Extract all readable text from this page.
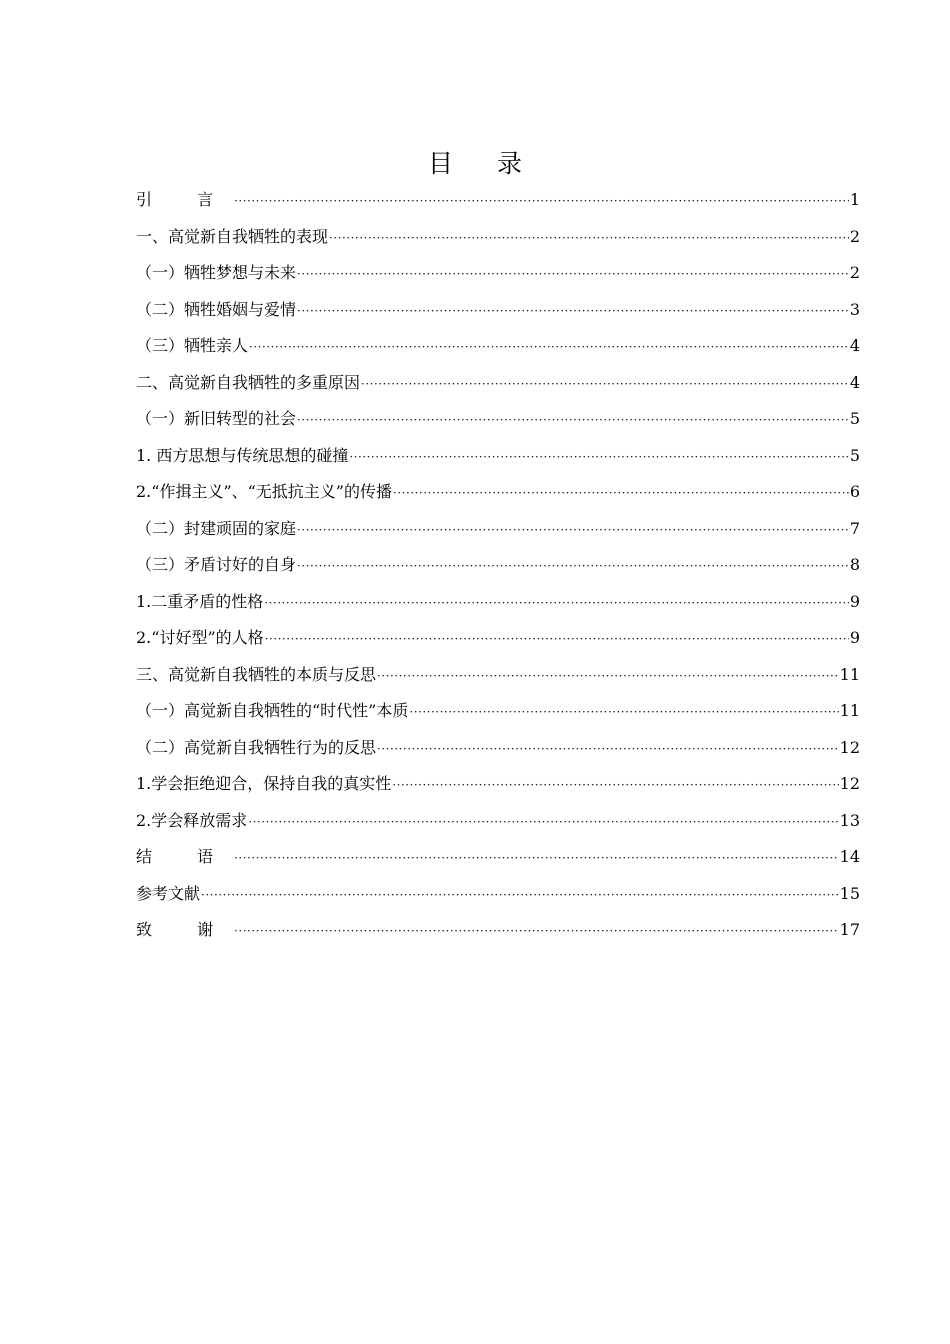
目 录
引 言 ·····	1
一、高觉新自我牺牲的表现 ·····	2
（一）牺牲梦想与未来 ·····	2
（二）牺牲婚姻与爱情 ·····	3
（三）牺牲亲人 ·····	4
二、高觉新自我牺牲的多重原因 ·····	4
（一）新旧转型的社会 ·····	5
1. 西方思想与传统思想的碰撞 ·····	5
2.“作揖主义”、“无抵抗主义”的传播 ·····	6
（二）封建顽固的家庭 ·····	7
（三）矛盾讨好的自身 ·····	8
1.二重矛盾的性格 ·····	9
2.“讨好型”的人格 ·····	9
三、高觉新自我牺牲的本质与反思 ·····	11
（一）高觉新自我牺牲的“时代性”本质 ·····	11
（二）高觉新自我牺牲行为的反思 ·····	12
1.学会拒绝迎合，保持自我的真实性 ·····	12
2.学会释放需求 ·····	13
结 语 ·····	14
参考文献 ·····	15
致 谢 ·····	17
